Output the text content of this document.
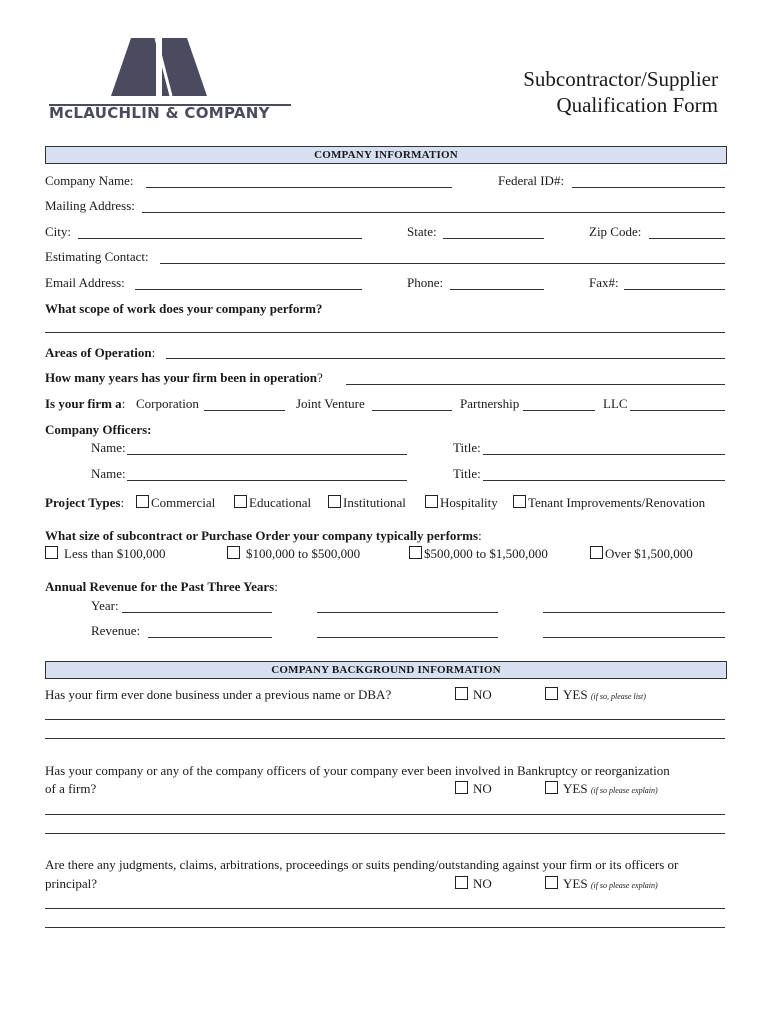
McLAUCHLIN & COMPANY
Subcontractor/Supplier
Qualification Form
COMPANY INFORMATION
Company Name:	Federal ID#:
Mailing Address:
City:	State:	Zip Code:
Estimating Contact:
Email Address:	Phone:	Fax#:
What scope of work does your company perform?
Areas of Operation:
How many years has your firm been in operation?
Is your firm a: Corporation	Joint Venture	Partnership	LLC
Company Officers:
Name:	Title:
Name:	Title:
Project Types:	Commercial	Educational	Institutional	Hospitality	Tenant Improvements/Renovation
What size of subcontract or Purchase Order your company typically performs:
Less than $100,000	$100,000 to $500,000	$500,000 to $1,500,000	Over $1,500,000
Annual Revenue for the Past Three Years:
Year:
Revenue:
COMPANY BACKGROUND INFORMATION
Has your firm ever done business under a previous name or DBA?	NO	YES (if so, please list)
Has your company or any of the company officers of your company ever been involved in Bankruptcy or reorganization
of a firm?	NO	YES (if so please explain)
Are there any judgments, claims, arbitrations, proceedings or suits pending/outstanding against your firm or its officers or
principal?	NO	YES (if so please explain)
